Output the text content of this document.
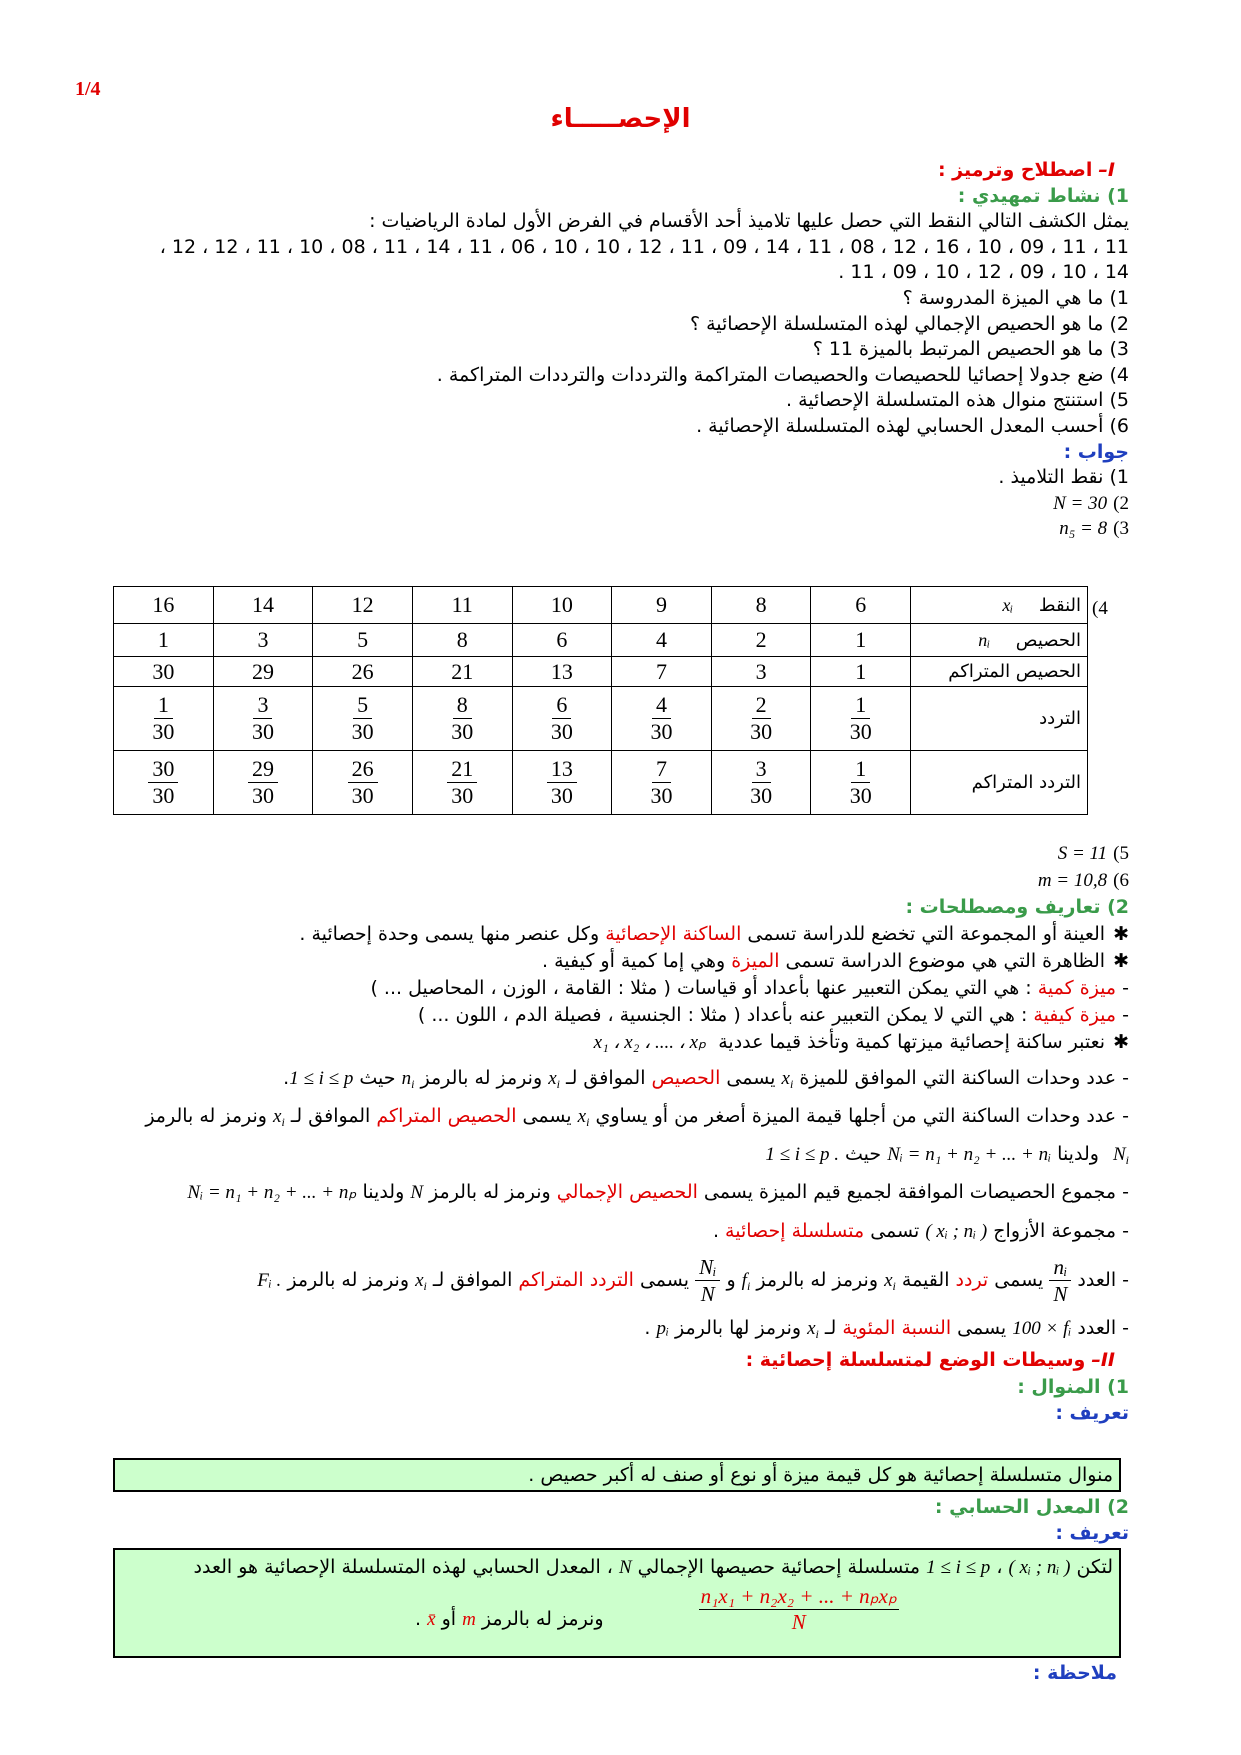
1/4
الإحصـــــاء
I– اصطلاح وترميز :
1) نشاط تمهيدي :
يمثل الكشف التالي النقط التي حصل عليها تلاميذ أحد الأقسام في الفرض الأول لمادة الرياضيات :
11 ، 11 ، 09 ، 10 ، 16 ، 12 ، 08 ، 11 ، 14 ، 09 ، 11 ، 12 ، 10 ، 10 ، 06 ، 11 ، 14 ، 11 ، 08 ، 10 ، 11 ، 12 ، 12 ،
14 ، 10 ، 09 ، 12 ، 10 ، 09 ، 11 .
1) ما هي الميزة المدروسة ؟
2) ما هو الحصيص الإجمالي لهذه المتسلسلة الإحصائية ؟
3) ما هو الحصيص المرتبط بالميزة 11 ؟
4) ضع جدولا إحصائيا للحصيصات والحصيصات المتراكمة والترددات والترددات المتراكمة .
5) استنتج منوال هذه المتسلسلة الإحصائية .
6) أحسب المعدل الحسابي لهذه المتسلسلة الإحصائية .
جواب :
1) نقط التلاميذ .
(2 N = 30
(3 n₅ = 8
(4
النقط xᵢ	6	8	9	10	11	12	14	16
الحصيص nᵢ	1	2	4	6	8	5	3	1
الحصيص المتراكم	1	3	7	13	21	26	29	30
التردد	$\frac{1}{30}$	$\frac{2}{30}$	$\frac{4}{30}$	$\frac{6}{30}$	$\frac{8}{30}$	$\frac{5}{30}$	$\frac{3}{30}$	$\frac{1}{30}$

التردد المتراكم	$\frac{1}{30}$	$\frac{3}{30}$	$\frac{7}{30}$	$\frac{13}{30}$	$\frac{21}{30}$	$\frac{26}{30}$	$\frac{29}{30}$	$\frac{30}{30}$
(5 S = 11
(6 m = 10,8
2) تعاريف ومصطلحات :
✱العينة أو المجموعة التي تخضع للدراسة تسمى الساكنة الإحصائية وكل عنصر منها يسمى وحدة إحصائية .
✱الظاهرة التي هي موضوع الدراسة تسمى الميزة وهي إما كمية أو كيفية .
- ميزة كمية : هي التي يمكن التعبير عنها بأعداد أو قياسات ( مثلا : القامة ، الوزن ، المحاصيل ... )
- ميزة كيفية : هي التي لا يمكن التعبير عنه بأعداد ( مثلا : الجنسية ، فصيلة الدم ، اللون ... )
✱نعتبر ساكنة إحصائية ميزتها كمية وتأخذ قيما عددية x₁ ، x₂ ، .... ، xₚ
- عدد وحدات الساكنة التي الموافق للميزة $x_i$ يسمى الحصيص الموافق لـ $x_i$ ونرمز له بالرمز $n_i$ حيث 1 ≤ i ≤ p.
- عدد وحدات الساكنة التي من أجلها قيمة الميزة أصغر من أو يساوي $x_i$ يسمى الحصيص المتراكم الموافق لـ $x_i$ ونرمز له بالرمز
$N_i$ ولدينا Nᵢ = n₁ + n₂ + ... + nᵢ حيث 1 ≤ i ≤ p .
- مجموع الحصيصات الموافقة لجميع قيم الميزة يسمى الحصيص الإجمالي ونرمز له بالرمز N ولدينا Nᵢ = n₁ + n₂ + ... + nₚ
- مجموعة الأزواج ( xᵢ ; nᵢ ) تسمى متسلسلة إحصائية .
- العدد
$\frac{\text{nᵢ}}{N}$
يسمى تردد القيمة $x_i$ ونرمز له بالرمز $f_i$ و
$\frac{\text{Nᵢ}}{N}$
يسمى التردد المتراكم الموافق لـ $x_i$ ونرمز له بالرمز Fᵢ .
- العدد 100 × fᵢ يسمى النسبة المئوية لـ $x_i$ ونرمز لها بالرمز pᵢ .
II– وسيطات الوضع لمتسلسلة إحصائية :
1) المنوال :
تعريف :
منوال متسلسلة إحصائية هو كل قيمة ميزة أو نوع أو صنف له أكبر حصيص .
2) المعدل الحسابي :
تعريف :
لتكن ( xᵢ ; nᵢ ) ، 1 ≤ i ≤ p متسلسلة إحصائية حصيصها الإجمالي N ، المعدل الحسابي لهذه المتسلسلة الإحصائية هو العدد
n₁x₁ + n₂x₂ + ... + nₚxₚ
N
ونرمز له بالرمز m أو x̄ .
ملاحظة :
